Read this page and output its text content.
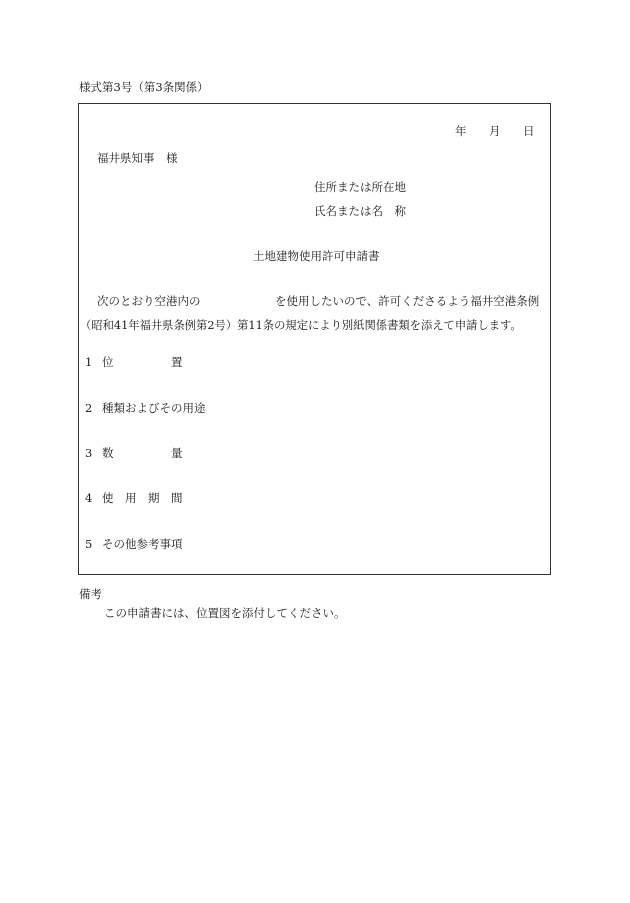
様式第3号（第3条関係）
年 月 日
福井県知事　様
住所または所在地
氏名または名　称
土地建物使用許可申請書
次のとおり空港内の	を使用したいので、許可くださるよう福井空港条例
（昭和41年福井県条例第2号）第11条の規定により別紙関係書類を添えて申請します。
1 位　　　　　置
2 種類およびその用途
3 数　　　　　量
4 使　用　期　間
5 その他参考事項
備考
この申請書には、位置図を添付してください。
